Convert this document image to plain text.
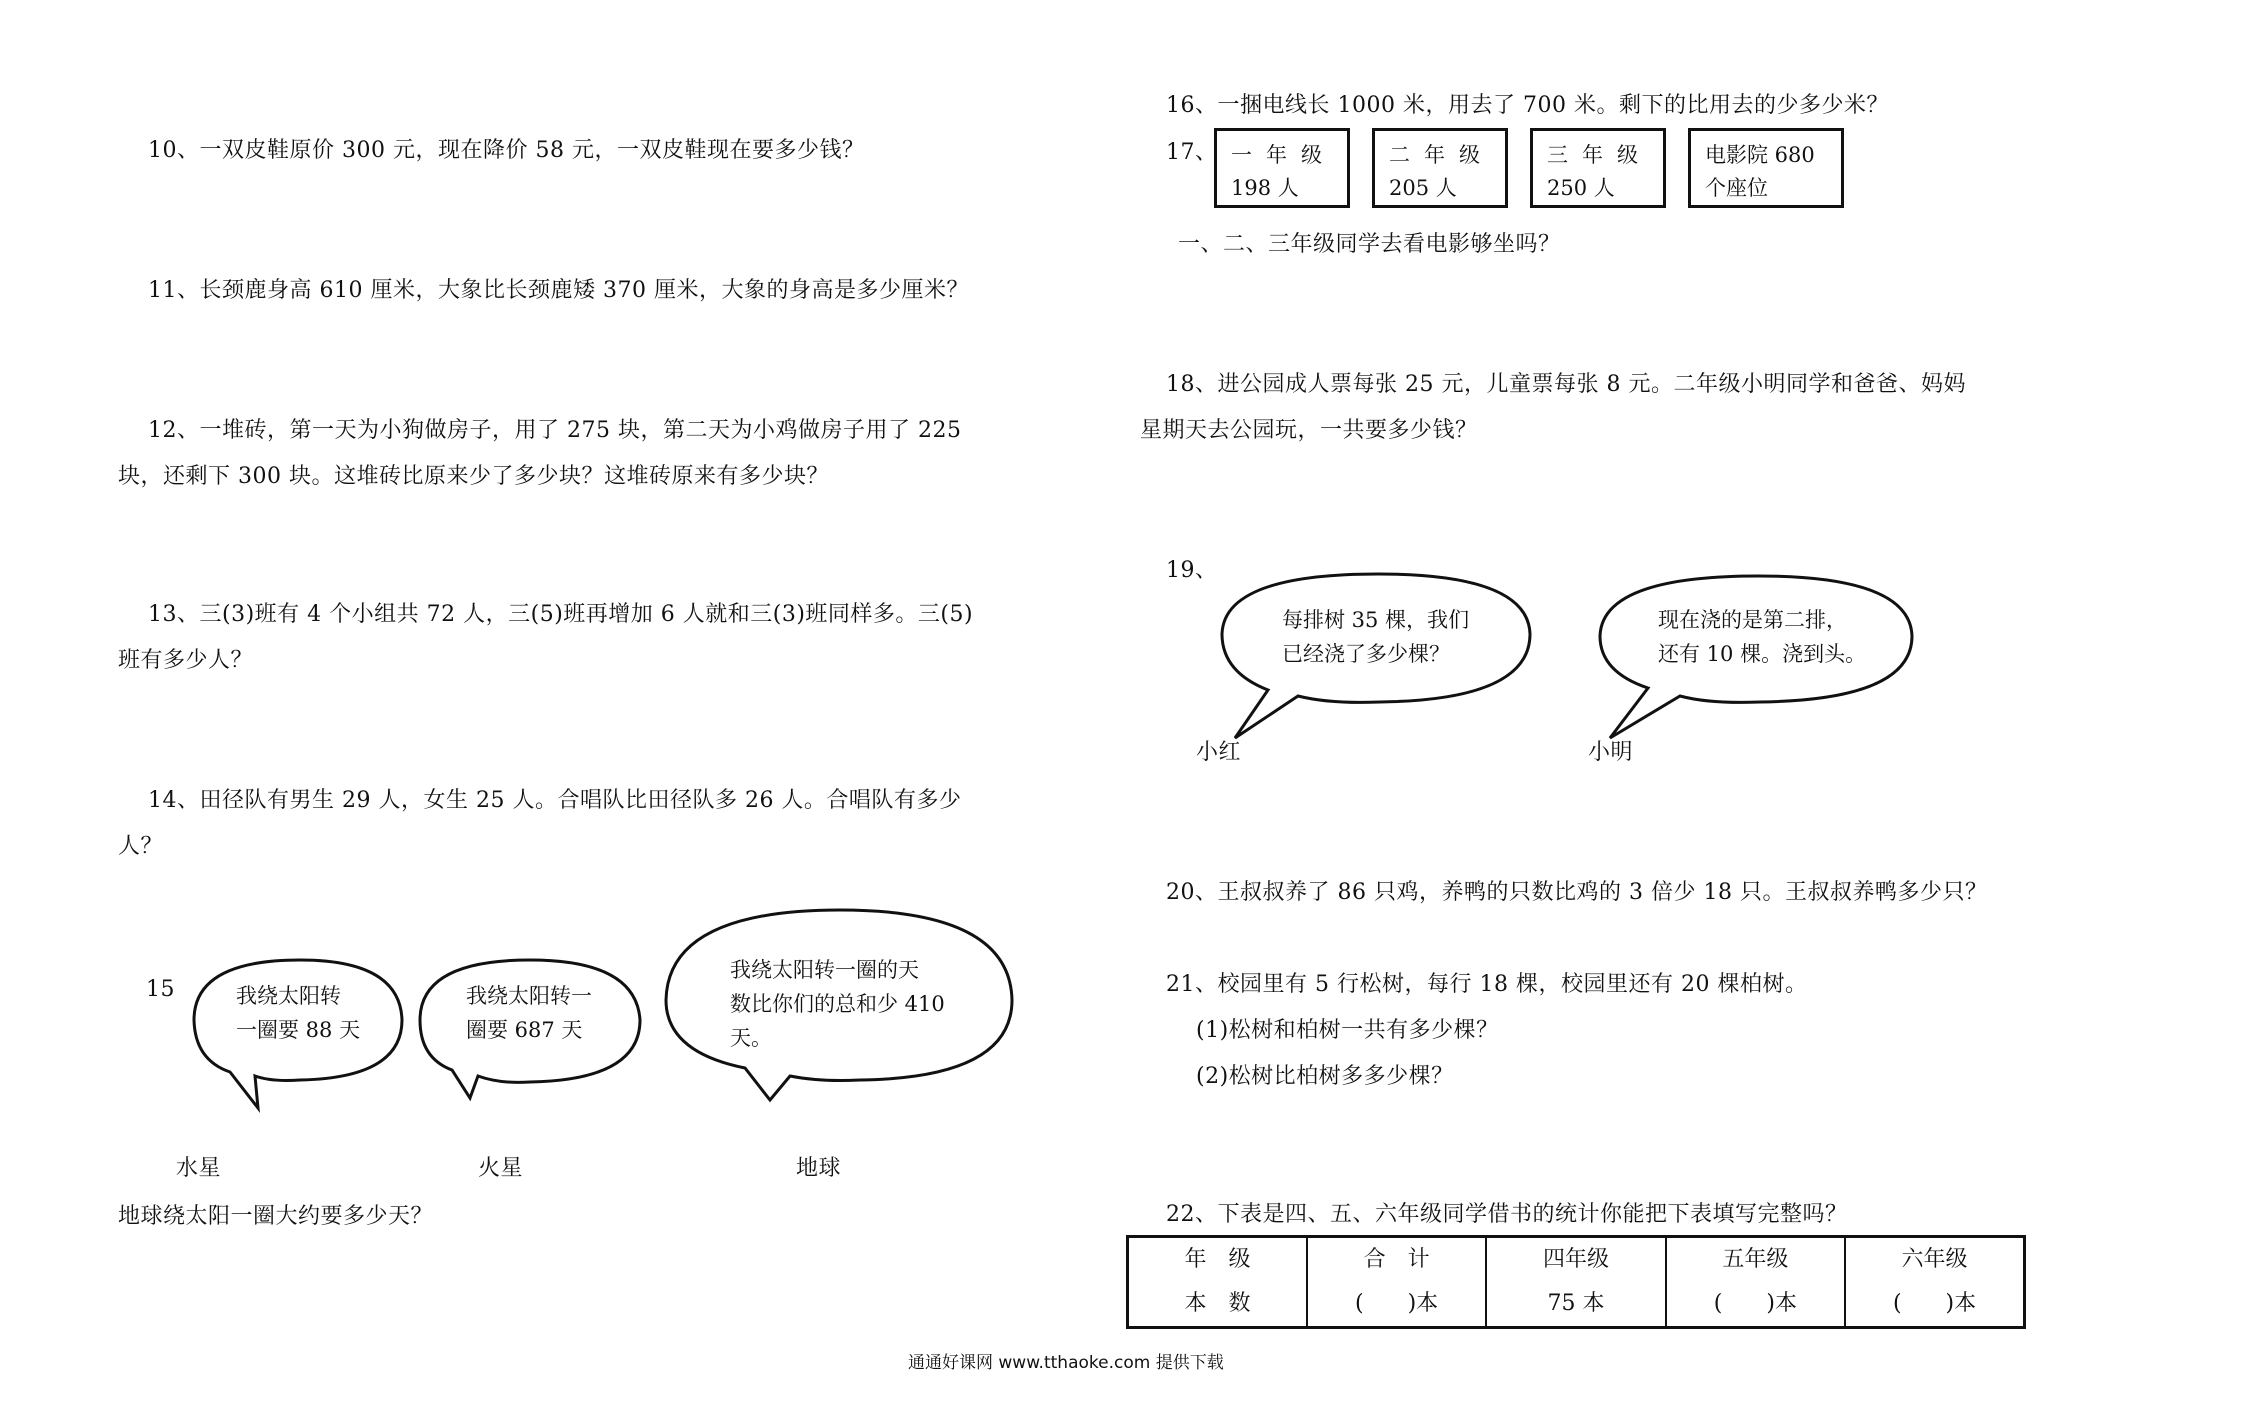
10、一双皮鞋原价 300 元，现在降价 58 元，一双皮鞋现在要多少钱？
11、长颈鹿身高 610 厘米，大象比长颈鹿矮 370 厘米，大象的身高是多少厘米？
12、一堆砖，第一天为小狗做房子，用了 275 块，第二天为小鸡做房子用了 225
块，还剩下 300 块。这堆砖比原来少了多少块？这堆砖原来有多少块？
13、三(3)班有 4 个小组共 72 人，三(5)班再增加 6 人就和三(3)班同样多。三(5)
班有多少人？
14、田径队有男生 29 人，女生 25 人。合唱队比田径队多 26 人。合唱队有多少
人？
15	我绕太阳转
一圈要 88 天
我绕太阳转一
圈要 687 天
我绕太阳转一圈的天
数比你们的总和少 410
天。
水星	火星	地球
地球绕太阳一圈大约要多少天？
16、一捆电线长 1000 米，用去了 700 米。剩下的比用去的少多少米？
17、 一年级
198 人
二年级
205 人
三年级
250 人
电影院 680
个座位
一、二、三年级同学去看电影够坐吗？
18、进公园成人票每张 25 元，儿童票每张 8 元。二年级小明同学和爸爸、妈妈
星期天去公园玩，一共要多少钱？
19、
每排树 35 棵，我们
已经浇了多少棵？
现在浇的是第二排，
还有 10 棵。浇到头。
小红	小明
20、王叔叔养了 86 只鸡，养鸭的只数比鸡的 3 倍少 18 只。王叔叔养鸭多少只？
21、校园里有 5 行松树，每行 18 棵，校园里还有 20 棵柏树。
(1)松树和柏树一共有多少棵？
(2)松树比柏树多多少棵？
22、下表是四、五、六年级同学借书的统计你能把下表填写完整吗？
年　级	合　计	四年级	五年级	六年级
本　数	(　　)本	75 本	(　　)本	(　　)本
通通好课网 www.tthaoke.com 提供下载
